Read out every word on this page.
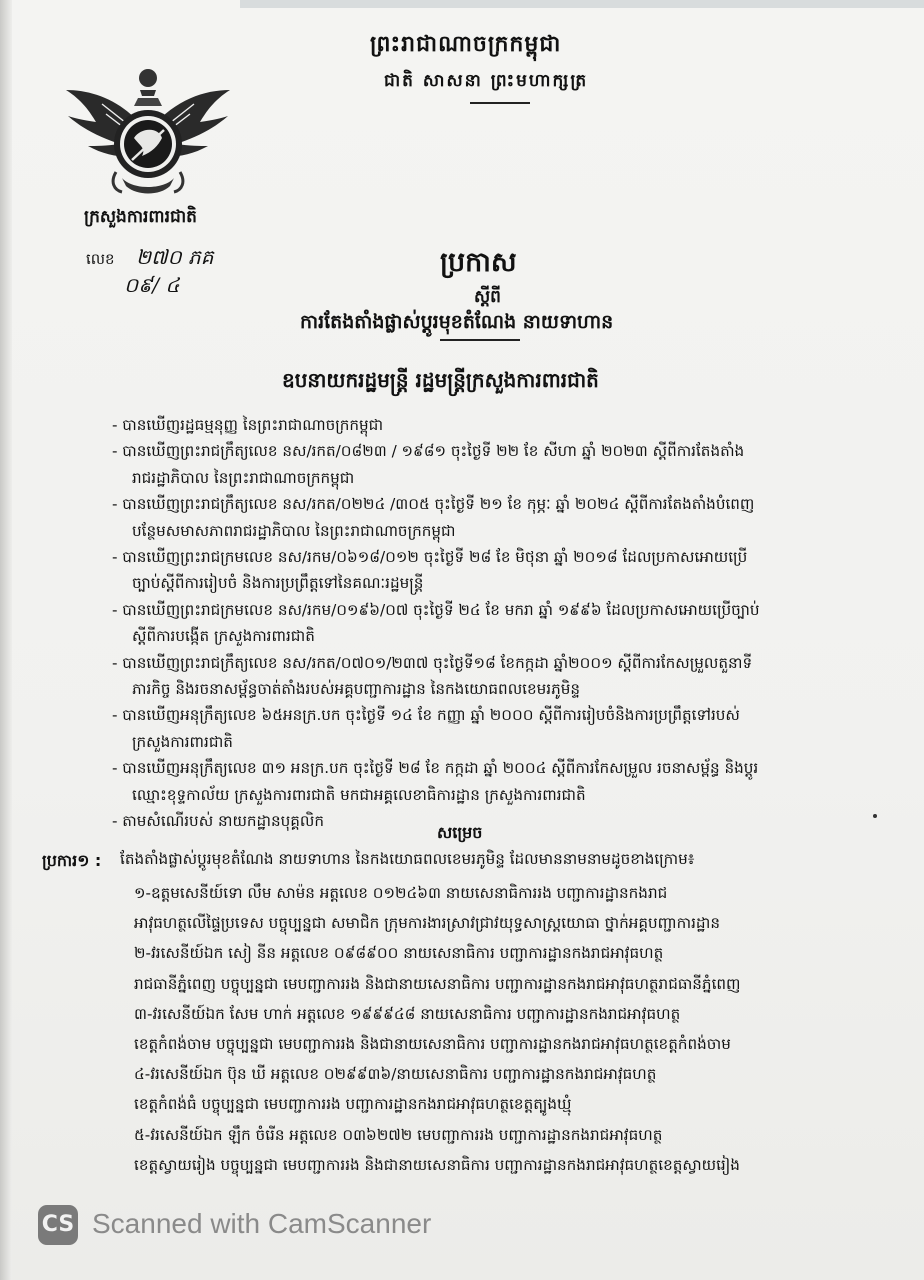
ព្រះរាជាណាចក្រកម្ពុជា
ជាតិ សាសនា ព្រះមហាក្សត្រ
ក្រសួងការពារជាតិ
លេខ ២៧០ ភគ
០៩/ ៤
ប្រកាស
ស្តីពី
ការតែងតាំងផ្លាស់ប្តូរមុខតំណែង នាយទាហាន
ឧបនាយករដ្ឋមន្ត្រី រដ្ឋមន្ត្រីក្រសួងការពារជាតិ
- បានឃើញរដ្ឋធម្មនុញ្ញ នៃព្រះរាជាណាចក្រកម្ពុជា
- បានឃើញព្រះរាជក្រឹត្យលេខ នស/រកត/០៨២៣ / ១៩៨១ ចុះថ្ងៃទី ២២ ខែ សីហា ឆ្នាំ ២០២៣ ស្តីពីការតែងតាំង
រាជរដ្ឋាភិបាល នៃព្រះរាជាណាចក្រកម្ពុជា
- បានឃើញព្រះរាជក្រឹត្យលេខ នស/រកត/០២២៤ /៣០៥ ចុះថ្ងៃទី ២១ ខែ កុម្ភៈ ឆ្នាំ ២០២៤ ស្តីពីការតែងតាំងបំពេញ
បន្ថែមសមាសភាពរាជរដ្ឋាភិបាល នៃព្រះរាជាណាចក្រកម្ពុជា
- បានឃើញព្រះរាជក្រមលេខ នស/រកម/០៦១៨/០១២ ចុះថ្ងៃទី ២៨ ខែ មិថុនា ឆ្នាំ ២០១៨ ដែលប្រកាសអោយប្រើ
ច្បាប់ស្តីពីការរៀបចំ និងការប្រព្រឹត្តទៅនៃគណៈរដ្ឋមន្ត្រី
- បានឃើញព្រះរាជក្រមលេខ នស/រកម/០១៩៦/០៧ ចុះថ្ងៃទី ២៤ ខែ មករា ឆ្នាំ ១៩៩៦ ដែលប្រកាសអោយប្រើច្បាប់
ស្តីពីការបង្កើត ក្រសួងការពារជាតិ
- បានឃើញព្រះរាជក្រឹត្យលេខ នស/រកត/០៧០១/២៣៧ ចុះថ្ងៃទី១៨ ខែកក្កដា ឆ្នាំ២០០១ ស្តីពីការកែសម្រួលតួនាទី
ភារកិច្ច និងរចនាសម្ព័ន្ធចាត់តាំងរបស់អគ្គបញ្ជាការដ្ឋាន នៃកងយោធពលខេមរភូមិន្ទ
- បានឃើញអនុក្រឹត្យលេខ ៦៥អនក្រ.បក ចុះថ្ងៃទី ១៤ ខែ កញ្ញា ឆ្នាំ ២០០០ ស្តីពីការរៀបចំនិងការប្រព្រឹត្តទៅរបស់
ក្រសួងការពារជាតិ
- បានឃើញអនុក្រឹត្យលេខ ៣១ អនក្រ.បក ចុះថ្ងៃទី ២៨ ខែ កក្កដា ឆ្នាំ ២០០៤ ស្តីពីការកែសម្រួល រចនាសម្ព័ន្ធ និងប្តូរ
ឈ្មោះខុទ្ទកាល័យ ក្រសួងការពារជាតិ មកជាអគ្គលេខាធិការដ្ឋាន ក្រសួងការពារជាតិ
- តាមសំណើរបស់ នាយកដ្ឋានបុគ្គលិក
សម្រេច
ប្រការ១ : តែងតាំងផ្លាស់ប្តូរមុខតំណែង នាយទាហាន នៃកងយោធពលខេមរភូមិន្ទ ដែលមាននាមនាមដូចខាងក្រោម៖
១-ឧត្តមសេនីយ៍ទោ លឹម សាម៉ន អត្តលេខ ០១២៤៦៣ នាយសេនាធិការរង បញ្ជាការដ្ឋានកងរាជ
អាវុធហត្ថលើផ្ទៃប្រទេស បច្ចុប្បន្នជា សមាជិក ក្រុមការងារស្រាវជ្រាវយុទ្ធសាស្ត្រយោធា ថ្នាក់អគ្គបញ្ជាការដ្ឋាន
២-វរសេនីយ៍ឯក សៀ នីន អត្តលេខ ០៩៨៩០០ នាយសេនាធិការ បញ្ជាការដ្ឋានកងរាជអាវុធហត្ថ
រាជធានីភ្នំពេញ បច្ចុប្បន្នជា មេបញ្ជាការរង និងជានាយសេនាធិការ បញ្ជាការដ្ឋានកងរាជអាវុធហត្ថរាជធានីភ្នំពេញ
៣-វរសេនីយ៍ឯក សែម ហាក់ អត្តលេខ ១៩៩៩៤៨ នាយសេនាធិការ បញ្ជាការដ្ឋានកងរាជអាវុធហត្ថ
ខេត្តកំពង់ចាម បច្ចុប្បន្នជា មេបញ្ជាការរង និងជានាយសេនាធិការ បញ្ជាការដ្ឋានកងរាជអាវុធហត្ថខេត្តកំពង់ចាម
៤-វរសេនីយ៍ឯក ប៊ុន ឃី អត្តលេខ ០២៩៩៣៦/នាយសេនាធិការ បញ្ជាការដ្ឋានកងរាជអាវុធហត្ថ
ខេត្តកំពង់ធំ បច្ចុប្បន្នជា មេបញ្ជាការរង បញ្ជាការដ្ឋានកងរាជអាវុធហត្ថខេត្តត្បូងឃ្មុំ
៥-វរសេនីយ៍ឯក ឡឹក ចំរើន អត្តលេខ ០៣៦២៧២ មេបញ្ជាការរង បញ្ជាការដ្ឋានកងរាជអាវុធហត្ថ
ខេត្តស្វាយរៀង បច្ចុប្បន្នជា មេបញ្ជាការរង និងជានាយសេនាធិការ បញ្ជាការដ្ឋានកងរាជអាវុធហត្ថខេត្តស្វាយរៀង
CS Scanned with CamScanner
